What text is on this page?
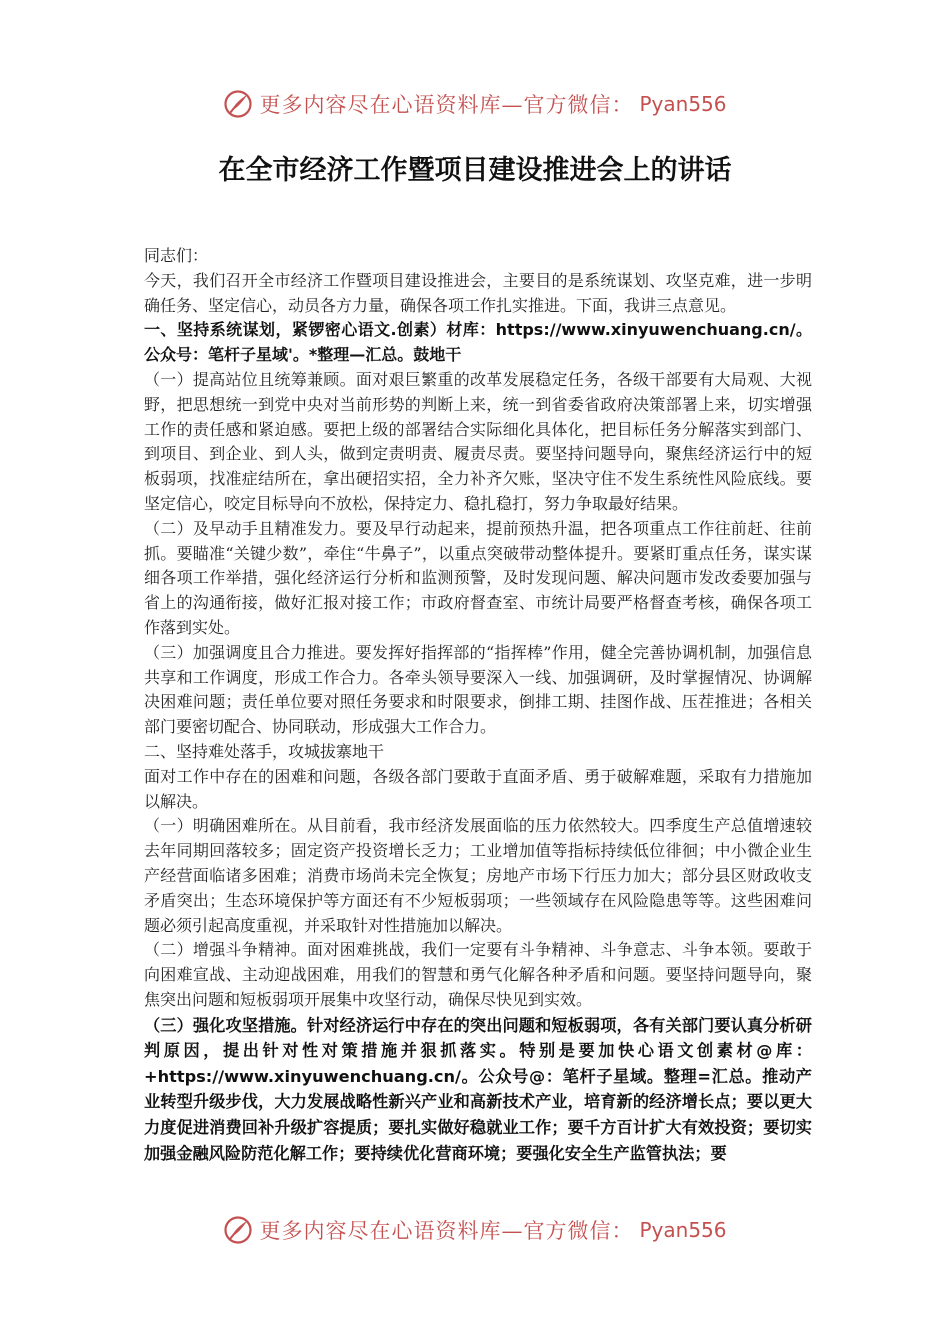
更多内容尽在心语资料库—官方微信： Pyan556
在全市经济工作暨项目建设推进会上的讲话

同志们：

今天，我们召开全市经济工作暨项目建设推进会，主要目的是系统谋划、攻坚克难，进一步明确任务、坚定信心，动员各方力量，确保各项工作扎实推进。下面，我讲三点意见。

一、坚持系统谋划，紧锣密心语文.创素）材库：https://www.xinyuwenchuang.cn/。公众号：笔杆子星域'。*整理—汇总。鼓地干

（一）提高站位且统筹兼顾。面对艰巨繁重的改革发展稳定任务，各级干部要有大局观、大视野，把思想统一到党中央对当前形势的判断上来，统一到省委省政府决策部署上来，切实增强工作的责任感和紧迫感。要把上级的部署结合实际细化具体化，把目标任务分解落实到部门、到项目、到企业、到人头，做到定责明责、履责尽责。要坚持问题导向，聚焦经济运行中的短板弱项，找准症结所在，拿出硬招实招，全力补齐欠账，坚决守住不发生系统性风险底线。要坚定信心，咬定目标导向不放松，保持定力、稳扎稳打，努力争取最好结果。

（二）及早动手且精准发力。要及早行动起来，提前预热升温，把各项重点工作往前赶、往前抓。要瞄准“关键少数”，牵住“牛鼻子”，以重点突破带动整体提升。要紧盯重点任务，谋实谋细各项工作举措，强化经济运行分析和监测预警，及时发现问题、解决问题市发改委要加强与省上的沟通衔接，做好汇报对接工作；市政府督查室、市统计局要严格督查考核，确保各项工作落到实处。

（三）加强调度且合力推进。要发挥好指挥部的“指挥棒”作用，健全完善协调机制，加强信息共享和工作调度，形成工作合力。各牵头领导要深入一线、加强调研，及时掌握情况、协调解决困难问题；责任单位要对照任务要求和时限要求，倒排工期、挂图作战、压茬推进；各相关部门要密切配合、协同联动，形成强大工作合力。

二、坚持难处落手，攻城拔寨地干

面对工作中存在的困难和问题，各级各部门要敢于直面矛盾、勇于破解难题，采取有力措施加以解决。

（一）明确困难所在。从目前看，我市经济发展面临的压力依然较大。四季度生产总值增速较去年同期回落较多；固定资产投资增长乏力；工业增加值等指标持续低位徘徊；中小微企业生产经营面临诸多困难；消费市场尚未完全恢复；房地产市场下行压力加大；部分县区财政收支矛盾突出；生态环境保护等方面还有不少短板弱项；一些领域存在风险隐患等等。这些困难问题必须引起高度重视，并采取针对性措施加以解决。

（二）增强斗争精神。面对困难挑战，我们一定要有斗争精神、斗争意志、斗争本领。要敢于向困难宣战、主动迎战困难，用我们的智慧和勇气化解各种矛盾和问题。要坚持问题导向，聚焦突出问题和短板弱项开展集中攻坚行动，确保尽快见到实效。

（三）强化攻坚措施。针对经济运行中存在的突出问题和短板弱项，各有关部门要认真分析研判原因，提出针对性对策措施并狠抓落实。特别是要加快心语文创素材@库：+https://www.xinyuwenchuang.cn/。公众号@：笔杆子星域。整理=汇总。推动产业转型升级步伐，大力发展战略性新兴产业和高新技术产业，培育新的经济增长点；要以更大力度促进消费回补升级扩容提质；要扎实做好稳就业工作；要千方百计扩大有效投资；要切实加强金融风险防范化解工作；要持续优化营商环境；要强化安全生产监管执法；要

更多内容尽在心语资料库—官方微信： Pyan556
